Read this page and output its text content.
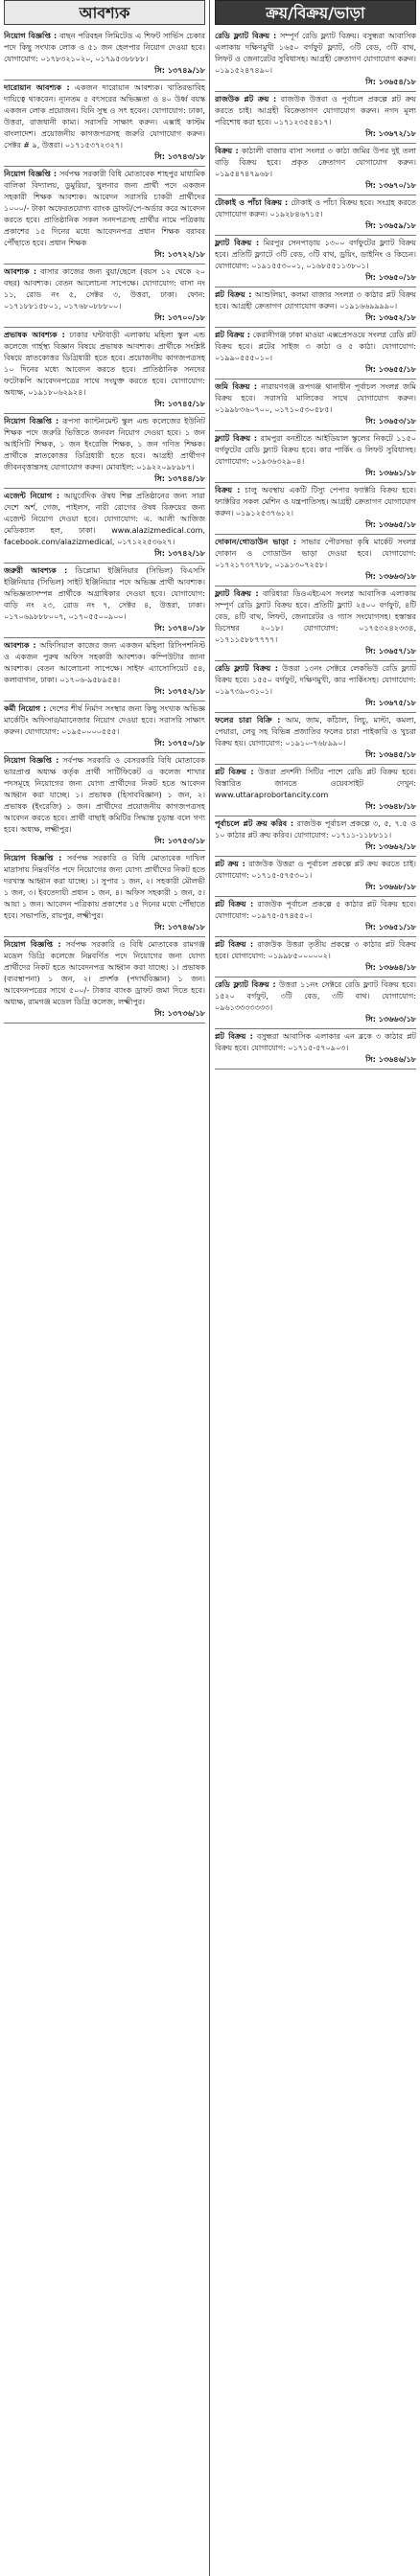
আবশ্যক
নিয়োগ বিজ্ঞপ্তি : বাছন পরিবহন লিমিটেড এ শিফট সার্ভিস চেকার পদে কিছু সংখ্যক লোক ও ৫১ জন হেলপার নিয়োগ দেওয়া হবে। যোগাযোগ: ০১৭৮৩২১০২০, ০১৭৯৫৩৮৮৮৮।
সি: ১৩৭৪৯/১৮
দারোয়ান আবশ্যক : একজন দারোয়ান আবশ্যক। খাতিরভাবিহ দায়িত্বে থাকবেন। ন্যূনতম ৫ বৎসরের অভিজ্ঞতা ও ৪০ উর্ধ্ব বয়স্ক একজন লোক প্রয়োজন। যিনি সুস্থ ও সৎ হবেন। যোগাযোগ: ঢাকা, উত্তরা, রাজধানী কাম্য। সরাসরি সাক্ষাৎ করুন। এক্সাই কাস্টম বাংলাদেশ। প্রয়োজনীয় কাগজপত্রসহ জরুরি যোগাযোগ করুন। সেক্টর # ৯, উত্তরা। ০১৭১৫৩৭২৩২৭।
সি: ১৩৭৪৩/১৮
নিয়োগ বিজ্ঞপ্তি : সর্বপক্ষ সরকারী বিধি মোতাবেক শাহপুর মাধ্যমিক বালিকা বিদ্যালয়, ডুমুরিয়া, খুলনার জন্য প্রার্থী পদে একজন সহকারী শিক্ষক আবশ্যক। আবেদন সরাসরি চাকরী প্রার্থীদের ১০০০/- টাকা অফেরতযোগ্য ব্যাংক ড্রাফট/পে-অর্ডার করে আবেদন করতে হবে। প্রাতিষ্ঠানিক সকল সনদপত্রসহ প্রার্থীর নামে পত্রিকায় প্রকাশের ১৫ দিনের মধ্যে আবেদনপত্র প্রধান শিক্ষক বরাবর পৌঁছাতে হবে। প্রধান শিক্ষক
সি: ১৩৭২২/১৮
আবশ্যক : বাসার কাজের জন্য বুয়া/ছেলে (বয়স ১২ থেকে ২০ বছর) আবশ্যক। বেতন আলোচনা সাপেক্ষে। যোগাযোগ: বাসা নং ১১, রোড নং ৫, সেক্টর ৩, উত্তরা, ঢাকা। ফোন: ০১৭১৮৮১৫৮০১, ০১৭৬৮০৮৮৮০০।
সি: ১৩৭০০/১৮
প্রভাষক আবশ্যক : ঢাকার ঘন্টাবাড়ী এলাকায় মহিলা স্কুল এন্ড কলেজে গার্হস্থ্য বিজ্ঞান বিষয়ে প্রভাষক আবশ্যক। প্রার্থীকে সংশ্লিষ্ট বিষয়ে স্নাতকোত্তর ডিগ্রিধারী হতে হবে। প্রয়োজনীয় কাগজপত্রসহ ১০ দিনের মধ্যে আবেদন করতে হবে। প্রাতিষ্ঠানিক সনদের ফটোকপি আবেদনপত্রের সাথে সংযুক্ত করতে হবে। যোগাযোগ: অধ্যক্ষ, ০১৯১৮০৬২৯২৪।
সি: ১৩৭৪৫/১৮
নিয়োগ বিজ্ঞপ্তি : রূপসা ক্যান্টনমেন্ট স্কুল এন্ড কলেজের ইউনিট শিক্ষক পদে জরুরি ভিত্তিতে জনবল নিয়োগ দেওয়া হবে। ১ জন আইসিটি শিক্ষক, ১ জন ইংরেজি শিক্ষক, ১ জন গণিত শিক্ষক। প্রার্থীকে স্নাতকোত্তর ডিগ্রিধারী হতে হবে। আগ্রহী প্রার্থীগণ জীবনবৃত্তান্তসহ যোগাযোগ করুন। মোবাইল: ০১৯২২০৯৮৯৮৭।
সি: ১৩৭৪৪/১৮
এজেন্ট নিয়োগ : আয়ুর্বেদিক ঔষধ শিল্প প্রতিষ্ঠানের জন্য সারা দেশে অর্শ, গেজ, পাইলস, নারী রোগের ঔষধ বিক্রয়ের জন্য এজেন্ট নিয়োগ দেওয়া হবে। যোগাযোগ: এ. আলী আজিজ মেডিক্যাল হল, ঢাকা। www.alazizmedical.com, facebook.com/alazizmedical, ০১৭১২২৫৩৬২৭।
সি: ১৩৭৪২/১৮
জরুরী আবশ্যক : ডিপ্লোমা ইঞ্জিনিয়ার (সিভিল) বিএসসি ইঞ্জিনিয়ার (সিভিল) সাইট ইঞ্জিনিয়ার পদে অভিজ্ঞ প্রার্থী আবশ্যক। অভিজ্ঞতাসম্পন্ন প্রার্থীকে অগ্রাধিকার দেওয়া হবে। যোগাযোগ: বাড়ি নং ২৩, রোড নং ৭, সেক্টর ৪, উত্তরা, ঢাকা। ০১৭০৬৯৮৮৮০০৭, ০১৭০৫৫০০৯০০।
সি: ১৩৭৪০/১৮
আবশ্যক : অফিসিয়াল কাজের জন্য একজন মহিলা রিসিপশনিস্ট ও একজন পুরুষ অফিস সহকারী আবশ্যক। কম্পিউটার জানা আবশ্যক। বেতন আলোচনা সাপেক্ষে। সাইফ এ্যাসোসিয়েট ৫৪, কলাবাগান, ঢাকা। ০১৭০৬-৯৫৮৯৫৪।
সি: ১৩৭৫২/১৮
কর্মী নিয়োগ : দেশের শীর্ষ নির্মাণ সংস্থার জন্য কিছু সংখ্যক অভিজ্ঞ মার্কেটিং অফিসার/ম্যানেজার নিয়োগ দেওয়া হবে। সরাসরি সাক্ষাৎ করুন। যোগাযোগ: ০১৯৫০০০০৫৫৫।
সি: ১৩৭৫০/১৮
নিয়োগ বিজ্ঞপ্তি : সর্বপক্ষ সরকারি ও বেসরকারি বিধি মোতাবেক ভারপ্রাপ্ত অধ্যক্ষ কর্তৃক প্রার্থী সার্টিফিকেট ও কলেজ শাখার পদসমূহে নিয়োগের জন্য যোগ্য প্রার্থীদের নিকট হতে আবেদন আহ্বান করা যাচ্ছে। ১। প্রভাষক (হিসাববিজ্ঞান) ১ জন, ২। প্রভাষক (ইংরেজি) ১ জন। প্রার্থীদের প্রয়োজনীয় কাগজপত্রসহ আবেদন করতে হবে। প্রার্থী বাছাই কমিটির সিদ্ধান্ত চূড়ান্ত বলে গণ্য হবে। অধ্যক্ষ, লক্ষ্মীপুর।
সি: ১৩৭৫৩/১৮
নিয়োগ বিজ্ঞপ্তি : সর্বপক্ষ সরকারি ও বিধি মোতাবেক দাখিল মাদ্রাসায় নিম্নবর্ণিত পদে নিয়োগের জন্য যোগ্য প্রার্থীদের নিকট হতে দরখাস্ত আহ্বান করা যাচ্ছে। ১। সুপার ১ জন, ২। সহকারী মৌলভী ১ জন, ৩। ইবতেদায়ী প্রধান ১ জন, ৪। অফিস সহকারী ১ জন, ৫। আয়া ১ জন। আবেদন পত্রিকায় প্রকাশের ১৫ দিনের মধ্যে পৌঁছাতে হবে। সভাপতি, রায়পুর, লক্ষ্মীপুর।
সি: ১৩৭৪৬/১৮
নিয়োগ বিজ্ঞপ্তি : সর্বপক্ষ সরকারি ও বিধি মোতাবেক রামগঞ্জ মডেল ডিগ্রি কলেজে নিম্নবর্ণিত পদে নিয়োগের জন্য যোগ্য প্রার্থীদের নিকট হতে আবেদনপত্র আহ্বান করা যাচ্ছে। ১। প্রভাষক (ব্যবস্থাপনা) ১ জন, ২। প্রদর্শক (পদার্থবিজ্ঞান) ১ জন। আবেদনপত্রের সাথে ৫০০/- টাকার ব্যাংক ড্রাফট জমা দিতে হবে। অধ্যক্ষ, রামগঞ্জ মডেল ডিগ্রি কলেজ, লক্ষ্মীপুর।
সি: ১৩৭৩৬/১৮
ক্রয়/বিক্রয়/ভাড়া
রেডি ফ্ল্যাট বিক্রয় : সম্পূর্ণ রেডি ফ্ল্যাট বিক্রয়। বসুন্ধরা আবাসিক এলাকায় দক্ষিণমুখী ১৬৫০ বর্গফুট ফ্ল্যাট, ৩টি বেড, ৩টি বাথ, লিফট ও জেনারেটর সুবিধাসহ। আগ্রহী ক্রেতাগণ যোগাযোগ করুন। ০১৯১৫২৪৭৪৯০।
সি: ১৩৬৫৪/১৮
রাজউক প্লট ক্রয় : রাজউক উত্তরা ও পূর্বাচল প্রকল্পে প্লট ক্রয় করতে চাই। আগ্রহী বিক্রেতাগণ যোগাযোগ করুন। নগদ মূল্য পরিশোধ করা হবে। ০১৭১২৩৫৫৪১৭।
সি: ১৩৬৭২/১৮
বিক্রয় : কাঠালী বাজার বাসা সংলগ্ন ৩ কাঠা জমির উপর দুই তলা বাড়ি বিক্রয় হবে। প্রকৃত ক্রেতাগণ যোগাযোগ করুন। ০১৯৫৪৭৪৭৯৬৮।
সি: ১৩৬৭০/১৮
টোকাই ও পাঁচা বিক্রয় : টোকাই ও পাঁচা বিক্রয় হবে। সংগ্রহ করতে যোগাযোগ করুন। ০১৯২৮৪৬৭১৫।
সি: ১৩৬৫৯/১৮
ফ্ল্যাট বিক্রয় : মিরপুর সেনপাড়ায় ১৩০০ বর্গফুটের ফ্ল্যাট বিক্রয় হবে। প্রতিটি ফ্ল্যাটে ৩টি বেড, ৩টি বাথ, ড্রয়িং, ডাইনিং ও কিচেন। যোগাযোগ: ০১৯১৫৫৩০০১, ০১৬৮৫৫১১৩৮০১।
সি: ১৩৬৫০/১৮
প্লট বিক্রয় : আশুলিয়া, কলমা বাজার সংলগ্ন ৩ কাঠার প্লট বিক্রয় হবে। আগ্রহী ক্রেতাগণ যোগাযোগ করুন। ০১৯১৬৬৯৯৯৯০।
সি: ১৩৬৫২/১৮
প্লট বিক্রয় : কেরানীগঞ্জ ঢাকা মাওয়া এক্সপ্রেসওয়ে সংলগ্ন রেডি প্লট বিক্রয় হবে। প্লটের সাইজ ৩ কাঠা ও ৫ কাঠা। যোগাযোগ: ০১৯৯০৫৫৫০১০।
সি: ১৩৬৫৫/১৮
জমি বিক্রয় : নারায়ণগঞ্জ রূপগঞ্জ থানাধীন পূর্বাচল সংলগ্ন জমি বিক্রয় হবে। সরাসরি মালিকের সাথে যোগাযোগ করুন। ০১৯৯৮৩৬০৭০০, ০১৭১০৫৩০৫৮৫।
সি: ১৩৬৫৩/১৮
ফ্ল্যাট বিক্রয় : রামপুরা বনশ্রীতে আইডিয়াল স্কুলের নিকটে ১১৫০ বর্গফুটের রেডি ফ্ল্যাট বিক্রয় হবে। কার পার্কিং ও লিফট সুবিধাসহ। যোগাযোগ: ০১৯৩৬৩২৯০৪।
সি: ১৩৬৬১/১৮
বিক্রয় : চালু অবস্থায় একটি টিস্যু পেপার ফ্যাক্টরি বিক্রয় হবে। ফ্যাক্টরির সকল মেশিন ও যন্ত্রপাতিসহ। আগ্রহী ক্রেতাগণ যোগাযোগ করুন। ০১৯১২৫৩৭৬১২।
সি: ১৩৬৬৫/১৮
দোকান/গোডাউন ভাড়া : সাভার পৌরসভা কৃষি মার্কেট সংলগ্ন দোকান ও গোডাউন ভাড়া দেওয়া হবে। যোগাযোগ: ০১৭২১৭৩৭৭৮৮, ০১৯১৩০৭২৫৮।
সি: ১৩৬৬৩/১৮
ফ্ল্যাট বিক্রয় : বারিধারা ডিওএইচএস সংলগ্ন আবাসিক এলাকায় সম্পূর্ণ রেডি ফ্ল্যাট বিক্রয় হবে। প্রতিটি ফ্ল্যাট ২৫০০ বর্গফুট, ৪টি বেড, ৪টি বাথ, লিফট, জেনারেটর ও গ্যাস সংযোগসহ। হস্তান্তর ডিসেম্বর ২০১৮। যোগাযোগ: ০১৭৫৩২৪২৩৩৪, ০১৭১১৫৮৮৭৭৭৭।
সি: ১৩৬৫৭/১৮
রেডি ফ্ল্যাট বিক্রয় : উত্তরা ১৩নং সেক্টরে লেকভিউ রেডি ফ্ল্যাট বিক্রয় হবে। ১৫৫০ বর্গফুট, দক্ষিণমুখী, কার পার্কিংসহ। যোগাযোগ: ০১৯৭৩৯০৩১০১।
সি: ১৩৬৭৫/১৮
ফলের চারা বিক্রি : আম, জাম, কাঁঠাল, লিচু, মাল্টা, কমলা, পেয়ারা, লেবু সহ বিভিন্ন প্রজাতির ফলের চারা পাইকারি ও খুচরা বিক্রয় হয়। যোগাযোগ: ০১৯১০-৭৬৮৯৯০।
সি: ১৩৬৪৫/১৮
প্লট বিক্রয় : উত্তরা প্রদর্শনী সিটির পাশে রেডি প্লট বিক্রয় হবে। বিস্তারিত জানতে ওয়েবসাইট দেখুন: www.uttaraprobortancity.com
সি: ১৩৬৪৮/১৮
পূর্বাচলে প্লট ক্রয় করিব : রাজউক পূর্বাচল প্রকল্পে ৩, ৫, ৭.৫ ও ১০ কাঠার প্লট ক্রয় করিব। যোগাযোগ: ০১৭১১-১১৮৮১১।
সি: ১৩৬৬২/১৮
প্লট ক্রয় : রাজউক উত্তরা ও পূর্বাচল প্রকল্পে প্লট ক্রয় করতে চাই। যোগাযোগ: ০১৭১৫-৫৭৫৩০১।
সি: ১৩৬৬৮/১৮
প্লট বিক্রয় : রাজউক পূর্বাচল প্রকল্পে ৫ কাঠার প্লট বিক্রয় হবে। যোগাযোগ: ০১৯৭৫-৫৭৪৫৫০।
সি: ১৩৬৫১/১৮
প্লট বিক্রয় : রাজউক উত্তরা তৃতীয় প্রকল্পে ৩ কাঠার প্লট বিক্রয় হবে। যোগাযোগ: ০১৯৯৮৫০০০০০২।
সি: ১৩৬৬৪/১৮
রেডি ফ্ল্যাট বিক্রয় : উত্তরা ১১নং সেক্টরে রেডি ফ্ল্যাট বিক্রয় হবে। ১৫২০ বর্গফুট, ৩টি বেড, ৩টি বাথ। যোগাযোগ: ০৯৬১৩৩৩৩৩৩৩।
সি: ১৩৬৬৩/১৮
প্লট বিক্রয় : বসুন্ধরা আবাসিক এলাকার এন ব্লকে ৩ কাঠার প্লট বিক্রয় হবে। যোগাযোগ: ০১৭১৫-৫৭০৯০৩।
সি: ১৩৬৪৬/১৮
